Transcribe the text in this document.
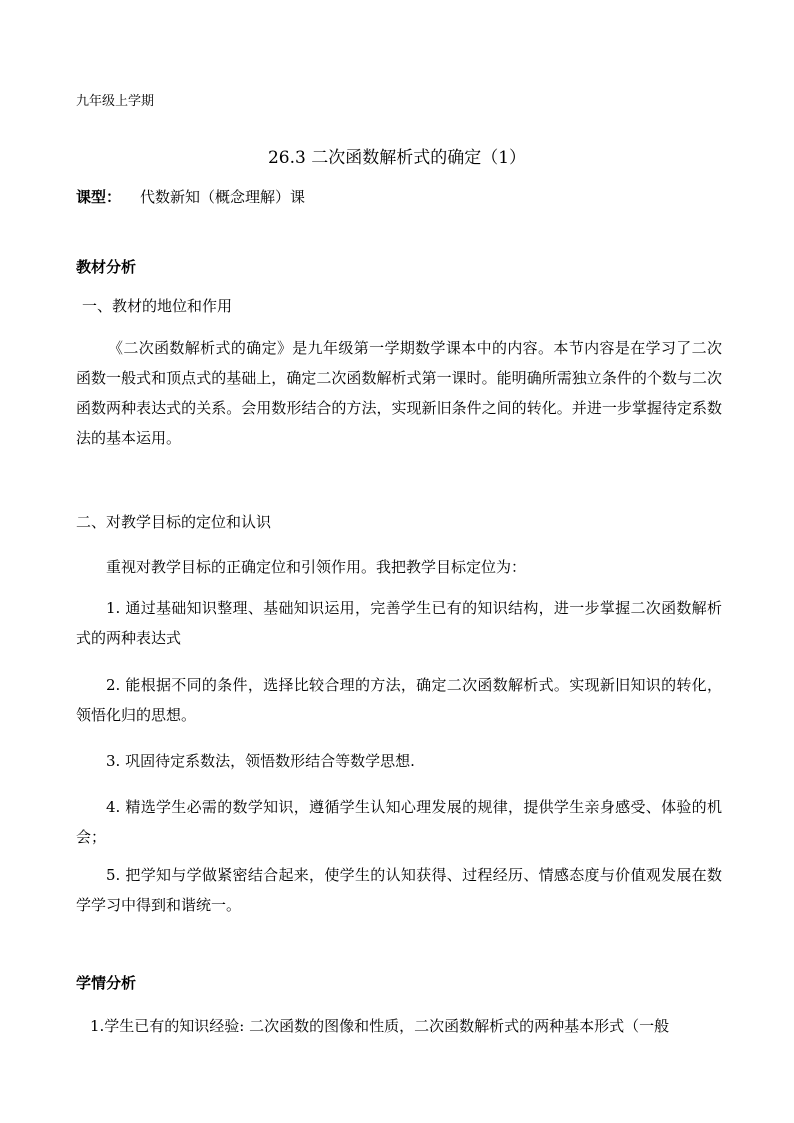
九年级上学期

26.3 二次函数解析式的确定（1）

课型： 代数新知（概念理解）课

教材分析

一、教材的地位和作用

《二次函数解析式的确定》是九年级第一学期数学课本中的内容。本节内容是在学习了二次函数一般式和顶点式的基础上，确定二次函数解析式第一课时。能明确所需独立条件的个数与二次函数两种表达式的关系。会用数形结合的方法，实现新旧条件之间的转化。并进一步掌握待定系数法的基本运用。

二、对教学目标的定位和认识

重视对教学目标的正确定位和引领作用。我把教学目标定位为：

1. 通过基础知识整理、基础知识运用，完善学生已有的知识结构，进一步掌握二次函数解析式的两种表达式

2. 能根据不同的条件，选择比较合理的方法，确定二次函数解析式。实现新旧知识的转化，领悟化归的思想。

3. 巩固待定系数法，领悟数形结合等数学思想.

4. 精选学生必需的数学知识，遵循学生认知心理发展的规律，提供学生亲身感受、体验的机会；

5. 把学知与学做紧密结合起来，使学生的认知获得、过程经历、情感态度与价值观发展在数学学习中得到和谐统一。

学情分析

1.学生已有的知识经验: 二次函数的图像和性质，二次函数解析式的两种基本形式（一般
